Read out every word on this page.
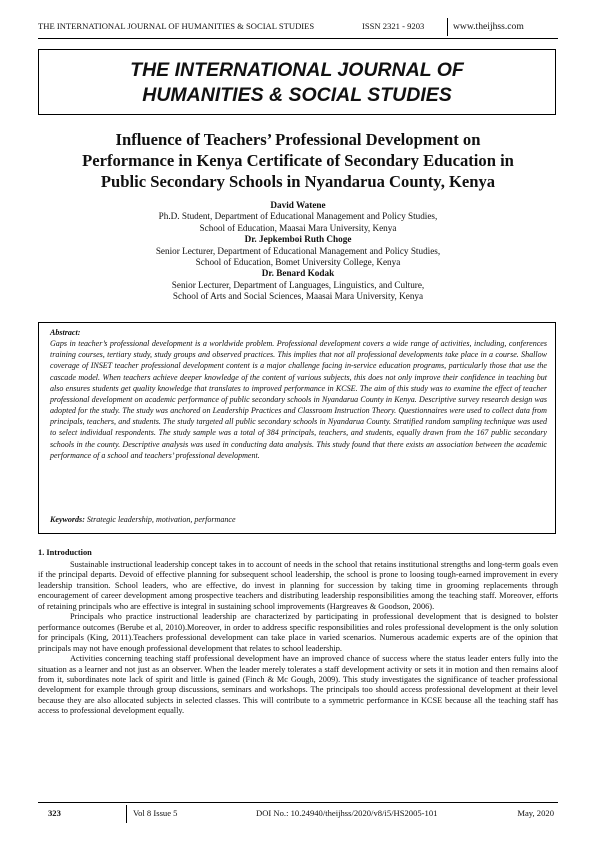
THE INTERNATIONAL JOURNAL OF HUMANITIES & SOCIAL STUDIES	ISSN 2321 - 9203	www.theijhss.com
THE INTERNATIONAL JOURNAL OF
HUMANITIES & SOCIAL STUDIES
Influence of Teachers’ Professional Development on
Performance in Kenya Certificate of Secondary Education in
Public Secondary Schools in Nyandarua County, Kenya
David Watene
Ph.D. Student, Department of Educational Management and Policy Studies,
School of Education, Maasai Mara University, Kenya
Dr. Jepkemboi Ruth Choge
Senior Lecturer, Department of Educational Management and Policy Studies,
School of Education, Bomet University College, Kenya
Dr. Benard Kodak
Senior Lecturer, Department of Languages, Linguistics, and Culture,
School of Arts and Social Sciences, Maasai Mara University, Kenya
Abstract:
Gaps in teacher’s professional development is a worldwide problem. Professional development covers a wide range of activities, including, conferences training courses, tertiary study, study groups and observed practices. This implies that not all professional developments take place in a course. Shallow coverage of INSET teacher professional development content is a major challenge facing in-service education programs, particularly those that use the cascade model. When teachers achieve deeper knowledge of the content of various subjects, this does not only improve their confidence in teaching but also ensures students get quality knowledge that translates to improved performance in KCSE. The aim of this study was to examine the effect of teacher professional development on academic performance of public secondary schools in Nyandarua County in Kenya. Descriptive survey research design was adopted for the study. The study was anchored on Leadership Practices and Classroom Instruction Theory. Questionnaires were used to collect data from principals, teachers, and students. The study targeted all public secondary schools in Nyandarua County. Stratified random sampling technique was used to select individual respondents. The study sample was a total of 384 principals, teachers, and students, equally drawn from the 167 public secondary schools in the county. Descriptive analysis was used in conducting data analysis. This study found that there exists an association between the academic performance of a school and teachers’ professional development.
Keywords: Strategic leadership, motivation, performance
1. Introduction

Sustainable instructional leadership concept takes in to account of needs in the school that retains institutional strengths and long-term goals even if the principal departs. Devoid of effective planning for subsequent school leadership, the school is prone to loosing tough-earned improvement in every leadership transition. School leaders, who are effective, do invest in planning for succession by taking time in grooming replacements through encouragement of career development among prospective teachers and distributing leadership responsibilities among the teaching staff. Moreover, efforts of retaining principals who are effective is integral in sustaining school improvements (Hargreaves & Goodson, 2006).

Principals who practice instructional leadership are characterized by participating in professional development that is designed to bolster performance outcomes (Berube et al, 2010).Moreover, in order to address specific responsibilities and roles professional development is the only solution for principals (King, 2011).Teachers professional development can take place in varied scenarios. Numerous academic experts are of the opinion that principals may not have enough professional development that relates to school leadership.

Activities concerning teaching staff professional development have an improved chance of success where the status leader enters fully into the situation as a learner and not just as an observer. When the leader merely tolerates a staff development activity or sets it in motion and then remains aloof from it, subordinates note lack of spirit and little is gained (Finch & Mc Gough, 2009). This study investigates the significance of teacher professional development for example through group discussions, seminars and workshops. The principals too should access professional development at their level because they are also allocated subjects in selected classes. This will contribute to a symmetric performance in KCSE because all the teaching staff has access to professional development equally.

323	Vol 8 Issue 5	DOI No.: 10.24940/theijhss/2020/v8/i5/HS2005-101	May, 2020
